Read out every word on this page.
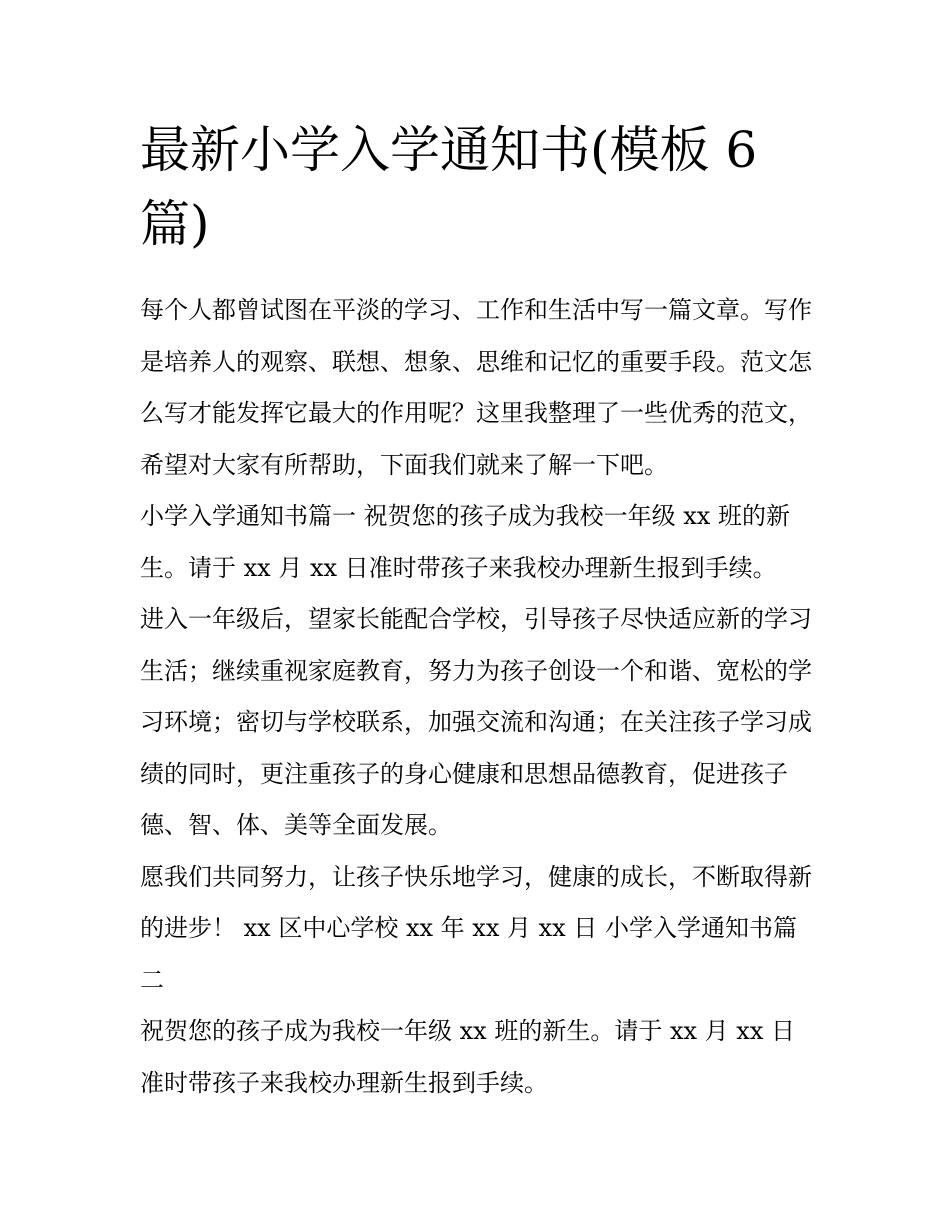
最新小学入学通知书(模板 6 篇)

每个人都曾试图在平淡的学习、工作和生活中写一篇文章。写作是培养人的观察、联想、想象、思维和记忆的重要手段。范文怎么写才能发挥它最大的作用呢？这里我整理了一些优秀的范文，希望对大家有所帮助，下面我们就来了解一下吧。

小学入学通知书篇一 祝贺您的孩子成为我校一年级 xx 班的新生。请于 xx 月 xx 日准时带孩子来我校办理新生报到手续。

进入一年级后，望家长能配合学校，引导孩子尽快适应新的学习生活；继续重视家庭教育，努力为孩子创设一个和谐、宽松的学习环境；密切与学校联系，加强交流和沟通；在关注孩子学习成绩的同时，更注重孩子的身心健康和思想品德教育，促进孩子德、智、体、美等全面发展。

愿我们共同努力，让孩子快乐地学习，健康的成长，不断取得新的进步！ xx 区中心学校 xx 年 xx 月 xx 日 小学入学通知书篇二

祝贺您的孩子成为我校一年级 xx 班的新生。请于 xx 月 xx 日准时带孩子来我校办理新生报到手续。
